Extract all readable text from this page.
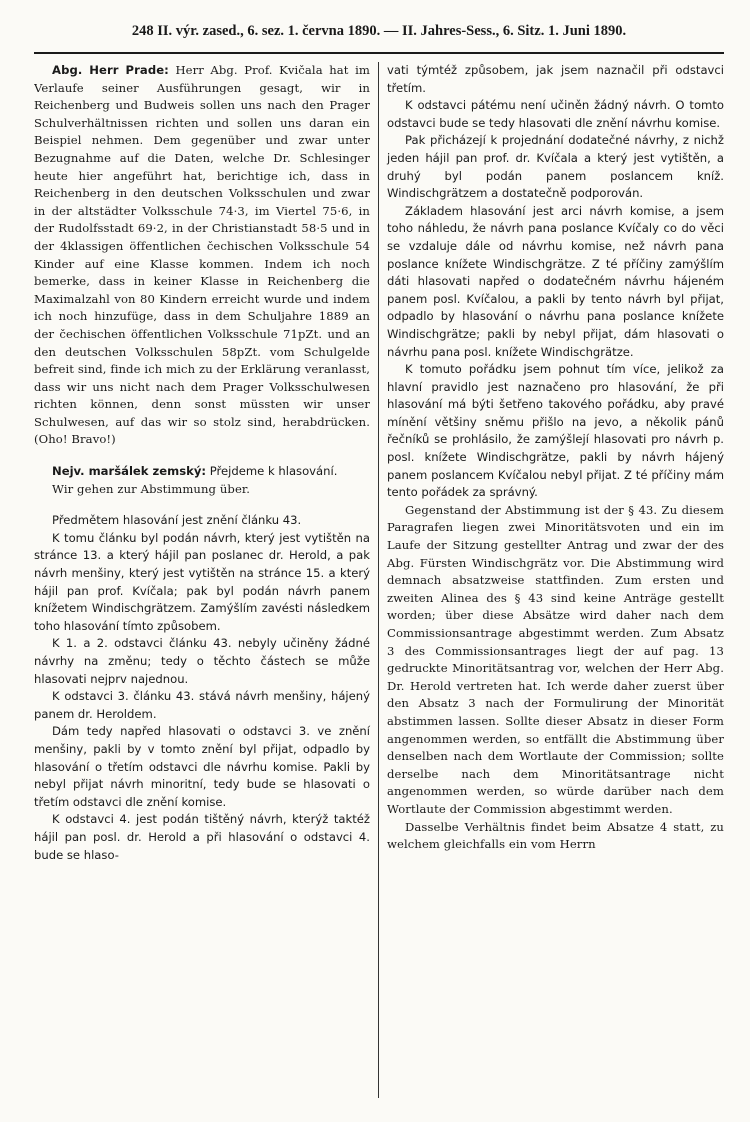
248 II. výr. zased., 6. sez. 1. června 1890. — II. Jahres-Sess., 6. Sitz. 1. Juni 1890.

Abg. Herr Prade: Herr Abg. Prof. Kvičala hat im Verlaufe seiner Ausführungen gesagt, wir in Reichenberg und Budweis sollen uns nach den Prager Schulverhältnissen richten und sollen uns daran ein Beispiel nehmen. Dem gegenüber und zwar unter Bezugnahme auf die Daten, welche Dr. Schlesinger heute hier angeführt hat, berichtige ich, dass in Reichenberg in den deutschen Volksschulen und zwar in der altstädter Volksschule 74·3, im Viertel 75·6, in der Rudolfsstadt 69·2, in der Christianstadt 58·5 und in der 4klassigen öffentlichen čechischen Volksschule 54 Kinder auf eine Klasse kommen. Indem ich noch bemerke, dass in keiner Klasse in Reichenberg die Maximalzahl von 80 Kindern erreicht wurde und indem ich noch hinzufüge, dass in dem Schuljahre 1889 an der čechischen öffentlichen Volksschule 71pZt. und an den deutschen Volksschulen 58pZt. vom Schulgelde befreit sind, finde ich mich zu der Erklärung veranlasst, dass wir uns nicht nach dem Prager Volksschulwesen richten können, denn sonst müssten wir unser Schulwesen, auf das wir so stolz sind, herabdrücken. (Oho! Bravo!)

Nejv. maršálek zemský: Přejdeme k hlasování.

Wir gehen zur Abstimmung über.

Předmětem hlasování jest znění článku 43.

K tomu článku byl podán návrh, který jest vytištěn na stránce 13. a který hájil pan poslanec dr. Herold, a pak návrh menšiny, který jest vytištěn na stránce 15. a který hájil pan prof. Kvíčala; pak byl podán návrh panem knížetem Windischgrätzem. Zamýšlím zavésti následkem toho hlasování tímto způsobem.

K 1. a 2. odstavci článku 43. nebyly učiněny žádné návrhy na změnu; tedy o těchto částech se může hlasovati nejprv najednou.

K odstavci 3. článku 43. stává návrh menšiny, hájený panem dr. Heroldem.

Dám tedy napřed hlasovati o odstavci 3. ve znění menšiny, pakli by v tomto znění byl přijat, odpadlo by hlasování o třetím odstavci dle návrhu komise. Pakli by nebyl přijat návrh minoritní, tedy bude se hlasovati o třetím odstavci dle znění komise.

K odstavci 4. jest podán tištěný návrh, kterýž taktéž hájil pan posl. dr. Herold a při hlasování o odstavci 4. bude se hlaso-

vati týmtéž způsobem, jak jsem naznačil při odstavci třetím.

K odstavci pátému není učiněn žádný návrh. O tomto odstavci bude se tedy hlasovati dle znění návrhu komise.

Pak přicházejí k projednání dodatečné návrhy, z nichž jeden hájil pan prof. dr. Kvíčala a který jest vytištěn, a druhý byl podán panem poslancem kníž. Windischgrätzem a dostatečně podporován.

Základem hlasování jest arci návrh komise, a jsem toho náhledu, že návrh pana poslance Kvíčaly co do věci se vzdaluje dále od návrhu komise, než návrh pana poslance knížete Windischgrätze. Z té příčiny zamýšlím dáti hlasovati napřed o dodatečném návrhu hájeném panem posl. Kvíčalou, a pakli by tento návrh byl přijat, odpadlo by hlasování o návrhu pana poslance knížete Windischgrätze; pakli by nebyl přijat, dám hlasovati o návrhu pana posl. knížete Windischgrätze.

K tomuto pořádku jsem pohnut tím více, jelikož za hlavní pravidlo jest naznačeno pro hlasování, že při hlasování má býti šetřeno takového pořádku, aby pravé mínění většiny sněmu přišlo na jevo, a několik pánů řečníků se prohlásilo, že zamýšlejí hlasovati pro návrh p. posl. knížete Windischgrätze, pakli by návrh hájený panem poslancem Kvíčalou nebyl přijat. Z té příčiny mám tento pořádek za správný.

Gegenstand der Abstimmung ist der § 43. Zu diesem Paragrafen liegen zwei Minoritätsvoten und ein im Laufe der Sitzung gestellter Antrag und zwar der des Abg. Fürsten Windischgrätz vor. Die Abstimmung wird demnach absatzweise stattfinden. Zum ersten und zweiten Alinea des § 43 sind keine Anträge gestellt worden; über diese Absätze wird daher nach dem Commissionsantrage abgestimmt werden. Zum Absatz 3 des Commissionsantrages liegt der auf pag. 13 gedruckte Minoritätsantrag vor, welchen der Herr Abg. Dr. Herold vertreten hat. Ich werde daher zuerst über den Absatz 3 nach der Formulirung der Minorität abstimmen lassen. Sollte dieser Absatz in dieser Form angenommen werden, so entfällt die Abstimmung über denselben nach dem Wortlaute der Commission; sollte derselbe nach dem Minoritätsantrage nicht angenommen werden, so würde darüber nach dem Wortlaute der Commission abgestimmt werden.

Dasselbe Verhältnis findet beim Absatze 4 statt, zu welchem gleichfalls ein vom Herrn
